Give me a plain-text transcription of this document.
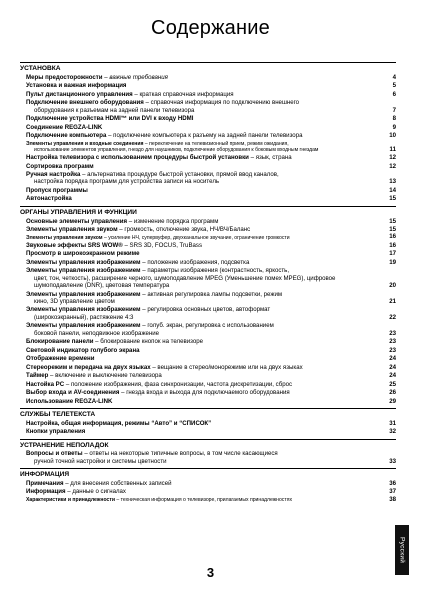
Содержание
УСТАНОВКА
Меры предосторожности – важные требования	4
Установка и важная информация	5
Пульт дистанционного управления – краткая справочная информация	6
Подключение внешнего оборудования – справочная информация по подключению внешнего
оборудования к разъемам на задней панели телевизора	7
Подключение устройства HDMI™ или DVI к входу HDMI	8
Соединение REGZA-LINK	9
Подключение компьютера – подключение компьютера к разъему на задней панели телевизора	10
Элементы управления и входные соединения – переключение на телевизионный прием, режим ожидания,
использование элементов управления, гнездо для наушников, подключение оборудования к боковым входным гнездам	11
Настройка телевизора с использованием процедуры быстрой установки – язык, страна	12
Сортировка программ	12
Ручная настройка – альтернатива процедуре быстрой установки, прямой ввод каналов,
настройка порядка программ для устройства записи на носитель	13
Пропуск программы	14
Автонастройка	15
ОРГАНЫ УПРАВЛЕНИЯ И ФУНКЦИИ
Основные элементы управления – изменение порядка программ	15
Элементы управления звуком – громкость, отключение звука, НЧ/ВЧ/Баланс	15
Элементы управления звуком – усиление НЧ, супервуфер, двухканальное звучание, ограничение громкости	16
Звуковые эффекты SRS WOW® – SRS 3D, FOCUS, TruBass	16
Просмотр в широкоэкранном режиме	17
Элементы управления изображением – положение изображения, подсветка	19
Элементы управления изображением – параметры изображения (контрастность, яркость,
цвет, тон, четкость), расширение черного, шумоподавление MPEG (Уменьшение помех MPEG), цифровое шумоподавление (DNR), цветовая температура	20
Элементы управления изображением – активная регулировка лампы подсветки, режим
кино, 3D управление цветом	21
Элементы управления изображением – регулировка основных цветов, автоформат
(широкоэкранный), растяжение 4:3	22
Элементы управления изображением – голуб. экран, регулировка с использованием
боковой панели, неподвижное изображение	23
Блокирование панели – блокирование кнопок на телевизоре	23
Световой индикатор голубого экрана	23
Отображение времени	24
Стереорежим и передача на двух языках – вещание в стерео/монорежиме или на двух языках	24
Таймер – включение и выключение телевизора	24
Настойка PC – положение изображения, фаза синхронизации, частота дискретизации, сброс	25
Выбор входа и AV-соединения – гнезда входа и выхода для подключаемого оборудования	26
Использование REGZA-LINK	29
СЛУЖБЫ ТЕЛЕТЕКСТА
Настройка, общая информация, режимы “Авто” и “СПИСОК”	31
Кнопки управления	32
УСТРАНЕНИЕ НЕПОЛАДОК
Вопросы и ответы – ответы на некоторые типичные вопросы, в том числе касающиеся
ручной точной настройки и системы цветности	33
ИНФОРМАЦИЯ
Примечания – для внесения собственных записей	36
Информация – данные о сигналах	37
Характеристики и принадлежности – техническая информация о телевизоре, прилагаемых принадлежностях	38
Русский
3
